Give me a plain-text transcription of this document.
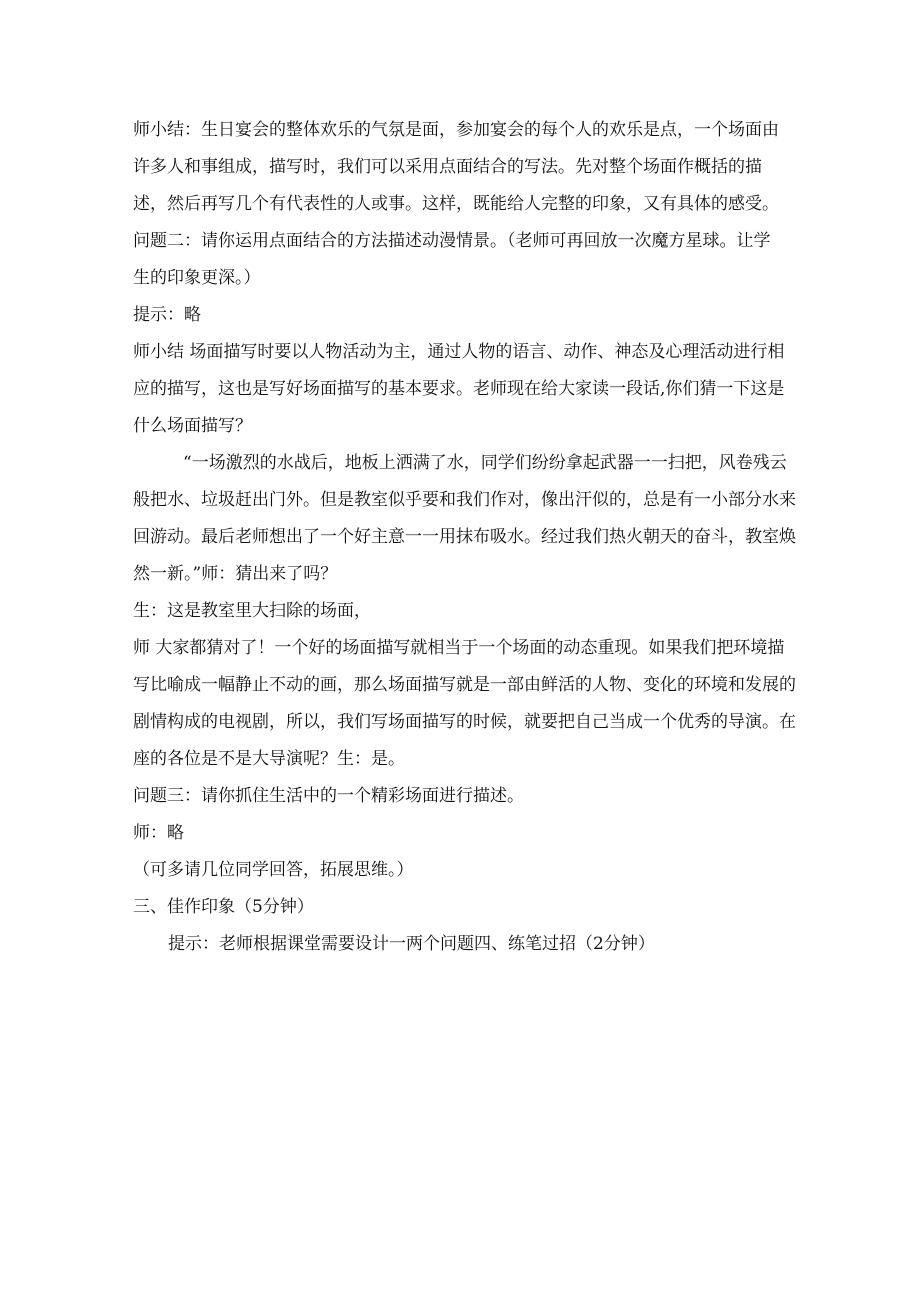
师小结：生日宴会的整体欢乐的气氛是面，参加宴会的每个人的欢乐是点，一个场面由
许多人和事组成，描写时，我们可以采用点面结合的写法。先对整个场面作概括的描
述，然后再写几个有代表性的人或事。这样，既能给人完整的印象，又有具体的感受。
问题二：请你运用点面结合的方法描述动漫情景。（老师可再回放一次魔方星球。让学
生的印象更深。）
提示：略
师小结 场面描写时要以人物活动为主，通过人物的语言、动作、神态及心理活动进行相
应的描写，这也是写好场面描写的基本要求。老师现在给大家读一段话,你们猜一下这是
什么场面描写？
“一场激烈的水战后，地板上洒满了水，同学们纷纷拿起武器一一扫把，风卷残云
般把水、垃圾赶出门外。但是教室似乎要和我们作对，像出汗似的，总是有一小部分水来
回游动。最后老师想出了一个好主意一一用抹布吸水。经过我们热火朝天的奋斗，教室焕
然一新。”师：猜出来了吗？
生：这是教室里大扫除的场面，
师 大家都猜对了！一个好的场面描写就相当于一个场面的动态重现。如果我们把环境描
写比喻成一幅静止不动的画，那么场面描写就是一部由鲜活的人物、变化的环境和发展的
剧情构成的电视剧，所以，我们写场面描写的时候，就要把自己当成一个优秀的导演。在
座的各位是不是大导演呢？生：是。
问题三：请你抓住生活中的一个精彩场面进行描述。
师：略
（可多请几位同学回答，拓展思维。）
三、佳作印象（5分钟）
提示：老师根据课堂需要设计一两个问题四、练笔过招（2分钟）
